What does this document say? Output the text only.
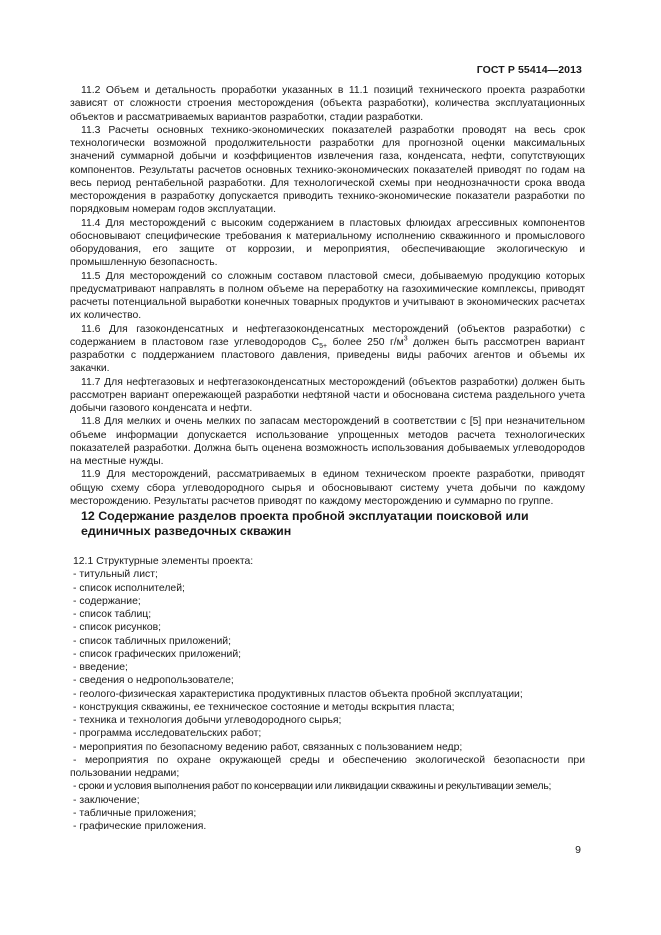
ГОСТ Р 55414—2013

11.2 Объем и детальность проработки указанных в 11.1 позиций технического проекта разработки зависят от сложности строения месторождения (объекта разработки), количества эксплуатационных объектов и рассматриваемых вариантов разработки, стадии разработки.

11.3 Расчеты основных технико-экономических показателей разработки проводят на весь срок технологически возможной продолжительности разработки для прогнозной оценки максимальных значений суммарной добычи и коэффициентов извлечения газа, конденсата, нефти, сопутствующих компонентов. Результаты расчетов основных технико-экономических показателей приводят по годам на весь период рентабельной разработки. Для технологической схемы при неоднозначности срока ввода месторождения в разработку допускается приводить технико-экономические показатели разработки по порядковым номерам годов эксплуатации.

11.4 Для месторождений с высоким содержанием в пластовых флюидах агрессивных компонентов обосновывают специфические требования к материальному исполнению скважинного и промыслового оборудования, его защите от коррозии, и мероприятия, обеспечивающие экологическую и промышленную безопасность.

11.5 Для месторождений со сложным составом пластовой смеси, добываемую продукцию которых предусматривают направлять в полном объеме на переработку на газохимические комплексы, приводят расчеты потенциальной выработки конечных товарных продуктов и учитывают в экономических расчетах их количество.

11.6 Для газоконденсатных и нефтегазоконденсатных месторождений (объектов разработки) с содержанием в пластовом газе углеводородов $C_{5+}$ более 250 $г/м^3$ должен быть рассмотрен вариант разработки с поддержанием пластового давления, приведены виды рабочих агентов и объемы их закачки.

11.7 Для нефтегазовых и нефтегазоконденсатных месторождений (объектов разработки) должен быть рассмотрен вариант опережающей разработки нефтяной части и обоснована система раздельного учета добычи газового конденсата и нефти.

11.8 Для мелких и очень мелких по запасам месторождений в соответствии с [5] при незначительном объеме информации допускается использование упрощенных методов расчета технологических показателей разработки. Должна быть оценена возможность использования добываемых углеводородов на местные нужды.

11.9 Для месторождений, рассматриваемых в едином техническом проекте разработки, приводят общую схему сбора углеводородного сырья и обосновывают систему учета добычи по каждому месторождению. Результаты расчетов приводят по каждому месторождению и суммарно по группе.

12 Содержание разделов проекта пробной эксплуатации поисковой или единичных разведочных скважин
12.1 Структурные элементы проекта:
- титульный лист;
- список исполнителей;
- содержание;
- список таблиц;
- список рисунков;
- список табличных приложений;
- список графических приложений;
- введение;
- сведения о недропользователе;
- геолого-физическая характеристика продуктивных пластов объекта пробной эксплуатации;
- конструкция скважины, ее техническое состояние и методы вскрытия пласта;
- техника и технология добычи углеводородного сырья;
- программа исследовательских работ;
- мероприятия по безопасному ведению работ, связанных с пользованием недр;
- мероприятия по охране окружающей среды и обеспечению экологической безопасности при пользовании недрами;
- сроки и условия выполнения работ по консервации или ликвидации скважины и рекультивации земель;
- заключение;
- табличные приложения;
- графические приложения.
9
